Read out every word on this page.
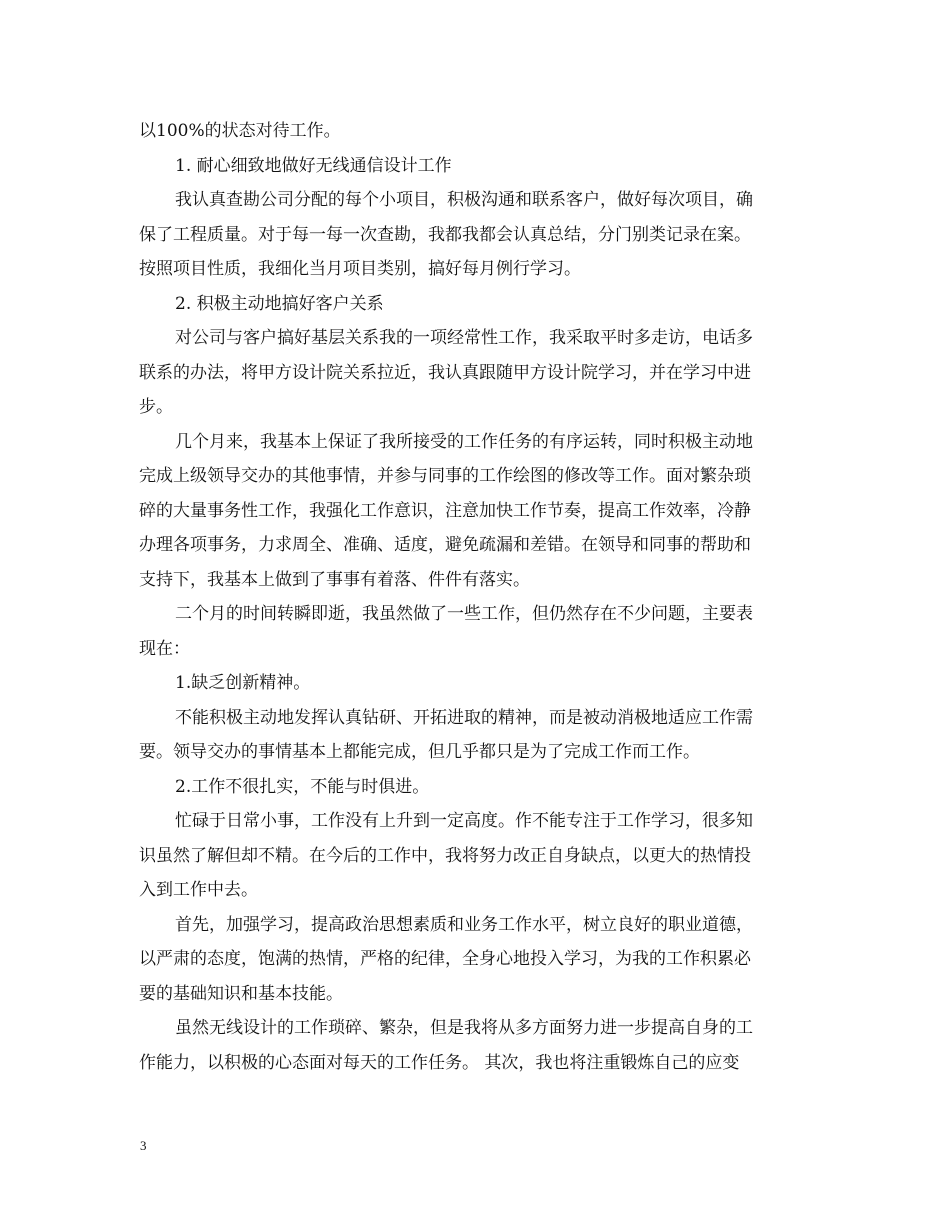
以100%的状态对待工作。
1. 耐心细致地做好无线通信设计工作
我认真查勘公司分配的每个小项目，积极沟通和联系客户，做好每次项目，确
保了工程质量。对于每一每一次查勘，我都我都会认真总结，分门别类记录在案。
按照项目性质，我细化当月项目类别，搞好每月例行学习。
2. 积极主动地搞好客户关系
对公司与客户搞好基层关系我的一项经常性工作，我采取平时多走访，电话多
联系的办法，将甲方设计院关系拉近，我认真跟随甲方设计院学习，并在学习中进
步。
几个月来，我基本上保证了我所接受的工作任务的有序运转，同时积极主动地
完成上级领导交办的其他事情，并参与同事的工作绘图的修改等工作。面对繁杂琐
碎的大量事务性工作，我强化工作意识，注意加快工作节奏，提高工作效率，冷静
办理各项事务，力求周全、准确、适度，避免疏漏和差错。在领导和同事的帮助和
支持下，我基本上做到了事事有着落、件件有落实。
二个月的时间转瞬即逝，我虽然做了一些工作，但仍然存在不少问题，主要表
现在：
1.缺乏创新精神。
不能积极主动地发挥认真钻研、开拓进取的精神，而是被动消极地适应工作需
要。领导交办的事情基本上都能完成，但几乎都只是为了完成工作而工作。
2.工作不很扎实，不能与时俱进。
忙碌于日常小事，工作没有上升到一定高度。作不能专注于工作学习，很多知
识虽然了解但却不精。在今后的工作中，我将努力改正自身缺点，以更大的热情投
入到工作中去。
首先，加强学习，提高政治思想素质和业务工作水平，树立良好的职业道德，
以严肃的态度，饱满的热情，严格的纪律，全身心地投入学习，为我的工作积累必
要的基础知识和基本技能。
虽然无线设计的工作琐碎、繁杂，但是我将从多方面努力进一步提高自身的工
作能力，以积极的心态面对每天的工作任务。 其次，我也将注重锻炼自己的应变
3
